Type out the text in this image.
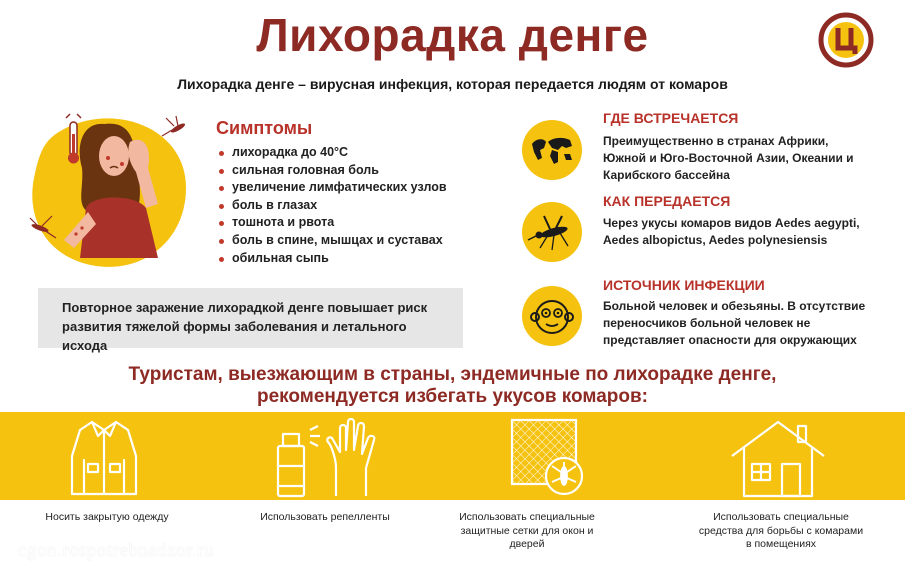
Лихорадка денге
Лихорадка денге – вирусная инфекция, которая передается людям от комаров
Симптомы
лихорадка до 40°С
сильная головная боль
увеличение лимфатических узлов
боль в глазах
тошнота и рвота
боль в спине, мышцах и суставах
обильная сыпь
Повторное заражение лихорадкой денге повышает риск развития тяжелой формы заболевания и летального исхода
ГДЕ ВСТРЕЧАЕТСЯ
Преимущественно в странах Африки, Южной и Юго-Восточной Азии, Океании и Карибского бассейна
КАК ПЕРЕДАЕТСЯ
Через укусы комаров видов Aedes aegypti, Aedes albopictus, Aedes polynesiensis
ИСТОЧНИК ИНФЕКЦИИ
Больной человек и обезьяны. В отсутствие переносчиков больной человек не представляет опасности для окружающих
Туристам, выезжающим в страны, эндемичные по лихорадке денге,
рекомендуется избегать укусов комаров:
Носить закрытую одежду	Использовать репелленты	Использовать специальные защитные сетки для окон и дверей
Использовать специальные средства для борьбы с комарами в помещениях
cgon.rospotrebnadzor.ru
